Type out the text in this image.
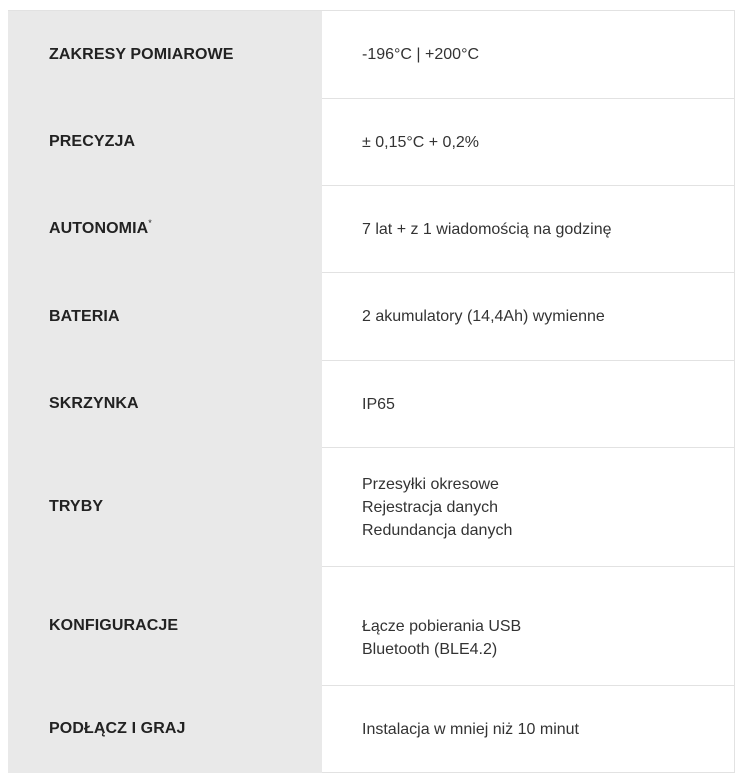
ZAKRESY POMIAROWE	-196°C | +200°C

PRECYZJA	± 0,15°C + 0,2%

AUTONOMIA*	7 lat + z 1 wiadomością na godzinę

BATERIA	2 akumulatory (14,4Ah) wymienne

SKRZYNKA	IP65

TRYBY	Przesyłki okresowe
Rejestracja danych
Redundancja danych

KONFIGURACJE	Łącze pobierania USB
Bluetooth (BLE4.2)

PODŁĄCZ I GRAJ	Instalacja w mniej niż 10 minut
